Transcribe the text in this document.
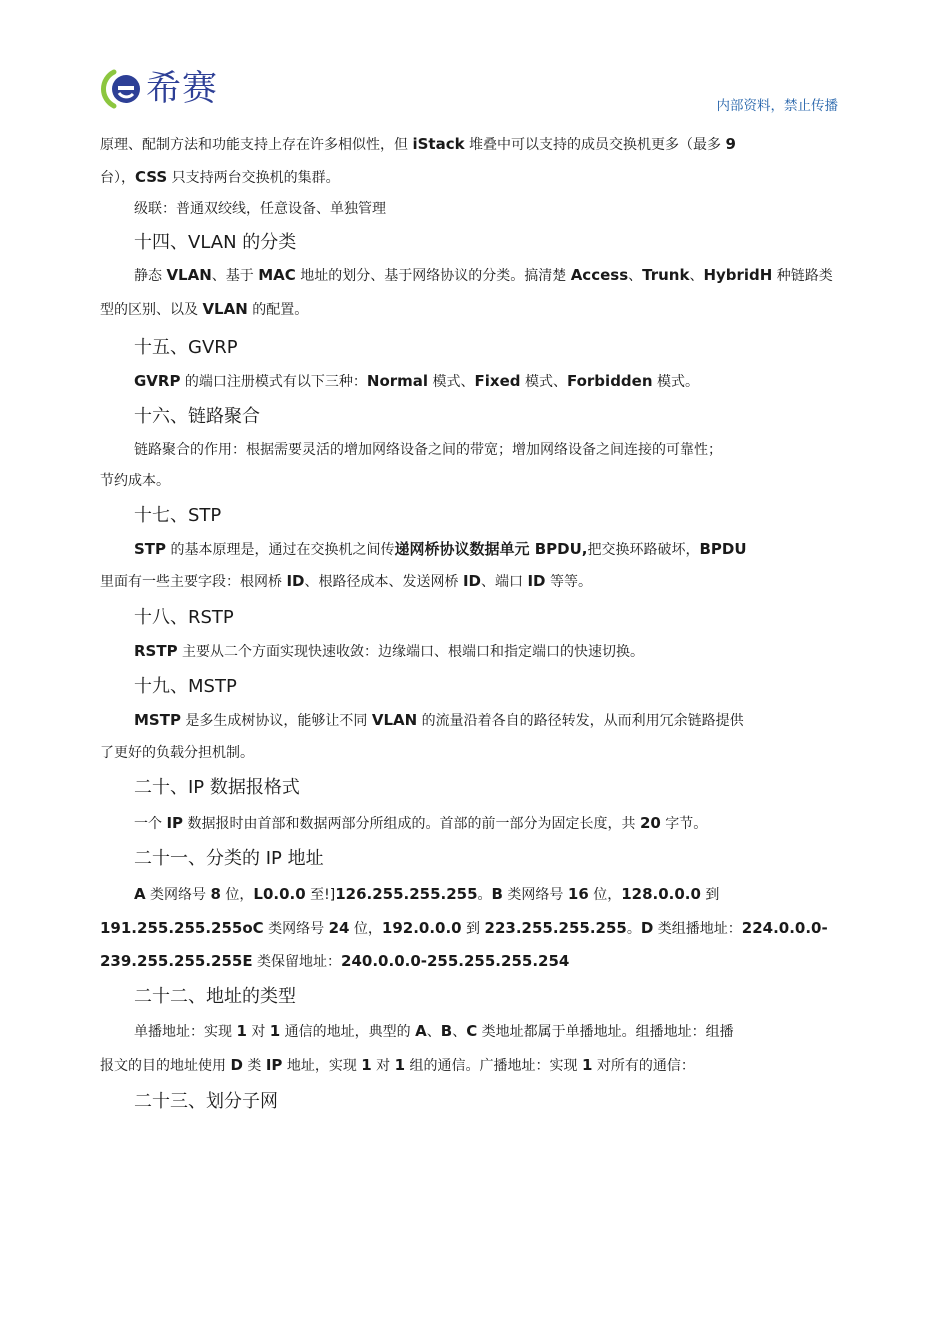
希赛	内部资料，禁止传播
原理、配制方法和功能支持上存在许多相似性，但 iStack 堆叠中可以支持的成员交换机更多（最多 9
台），CSS 只支持两台交换机的集群。
级联：普通双绞线，任意设备、单独管理
十四、VLAN 的分类
静态 VLAN、基于 MAC 地址的划分、基于网络协议的分类。搞清楚 Access、Trunk、HybridH 种链路类
型的区别、以及 VLAN 的配置。
十五、GVRP
GVRP 的端口注册模式有以下三种：Normal 模式、Fixed 模式、Forbidden 模式。
十六、链路聚合
链路聚合的作用：根据需要灵活的增加网络设备之间的带宽；增加网络设备之间连接的可靠性；
节约成本。
十七、STP
STP 的基本原理是，通过在交换机之间传递网桥协议数据单元 BPDU,把交换环路破坏，BPDU
里面有一些主要字段：根网桥 ID、根路径成本、发送网桥 ID、端口 ID 等等。
十八、RSTP
RSTP 主要从二个方面实现快速收敛：边缘端口、根端口和指定端口的快速切换。
十九、MSTP
MSTP 是多生成树协议，能够让不同 VLAN 的流量沿着各自的路径转发，从而利用冗余链路提供
了更好的负载分担机制。
二十、IP 数据报格式
一个 IP 数据报时由首部和数据两部分所组成的。首部的前一部分为固定长度，共 20 字节。
二十一、分类的 IP 地址
A 类网络号 8 位，L0.0.0 至!]126.255.255.255。B 类网络号 16 位，128.0.0.0 到
191.255.255.255oC 类网络号 24 位，192.0.0.0 到 223.255.255.255。D 类组播地址：224.0.0.0-
239.255.255.255E 类保留地址：240.0.0.0-255.255.255.254
二十二、地址的类型
单播地址：实现 1 对 1 通信的地址，典型的 A、B、C 类地址都属于单播地址。组播地址：组播
报文的目的地址使用 D 类 IP 地址，实现 1 对 1 组的通信。广播地址：实现 1 对所有的通信：
二十三、划分子网
